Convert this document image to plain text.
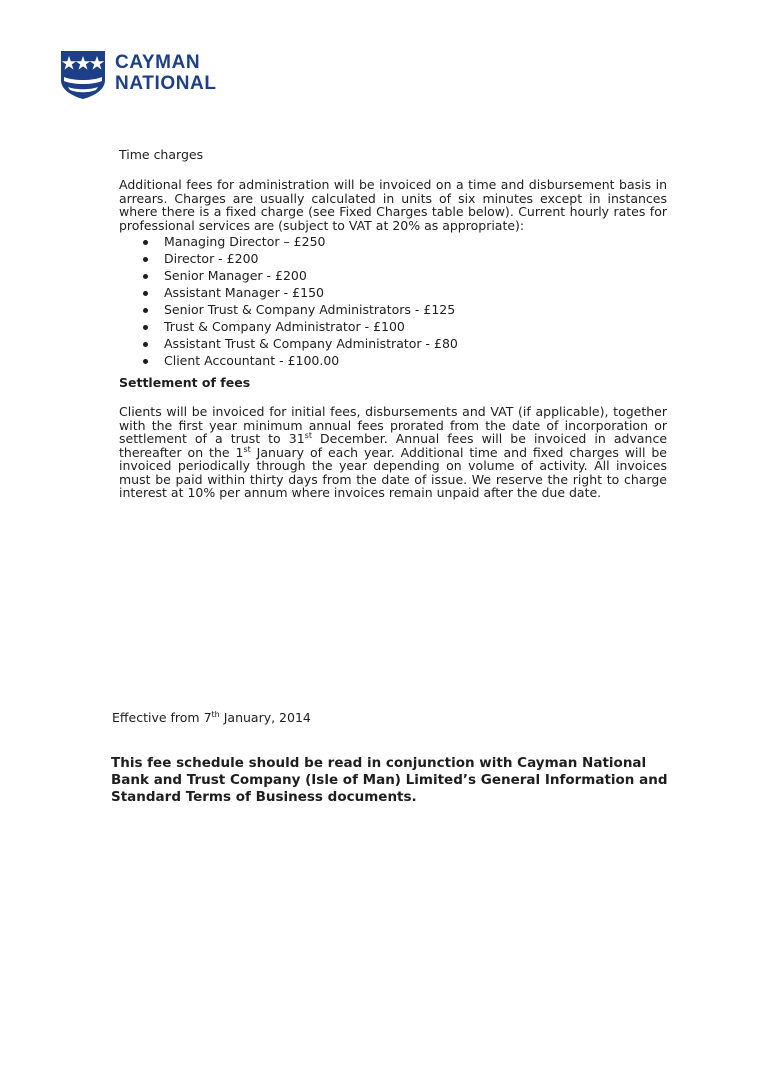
CAYMAN
NATIONAL
Time charges

Additional fees for administration will be invoiced on a time and disbursement basis in arrears. Charges are usually calculated in units of six minutes except in instances where there is a fixed charge (see Fixed Charges table below). Current hourly rates for professional services are (subject to VAT at 20% as appropriate):

Managing Director – £250
Director - £200
Senior Manager - £200
Assistant Manager - £150
Senior Trust & Company Administrators - £125
Trust & Company Administrator - £100
Assistant Trust & Company Administrator - £80
Client Accountant - £100.00
Settlement of fees

Clients will be invoiced for initial fees, disbursements and VAT (if applicable), together with the first year minimum annual fees prorated from the date of incorporation or settlement of a trust to 31st December. Annual fees will be invoiced in advance thereafter on the 1st January of each year. Additional time and fixed charges will be invoiced periodically through the year depending on volume of activity. All invoices must be paid within thirty days from the date of issue. We reserve the right to charge interest at 10% per annum where invoices remain unpaid after the due date.

Effective from 7th January, 2014
This fee schedule should be read in conjunction with Cayman National Bank and Trust Company (Isle of Man) Limited’s General Information and Standard Terms of Business documents.
